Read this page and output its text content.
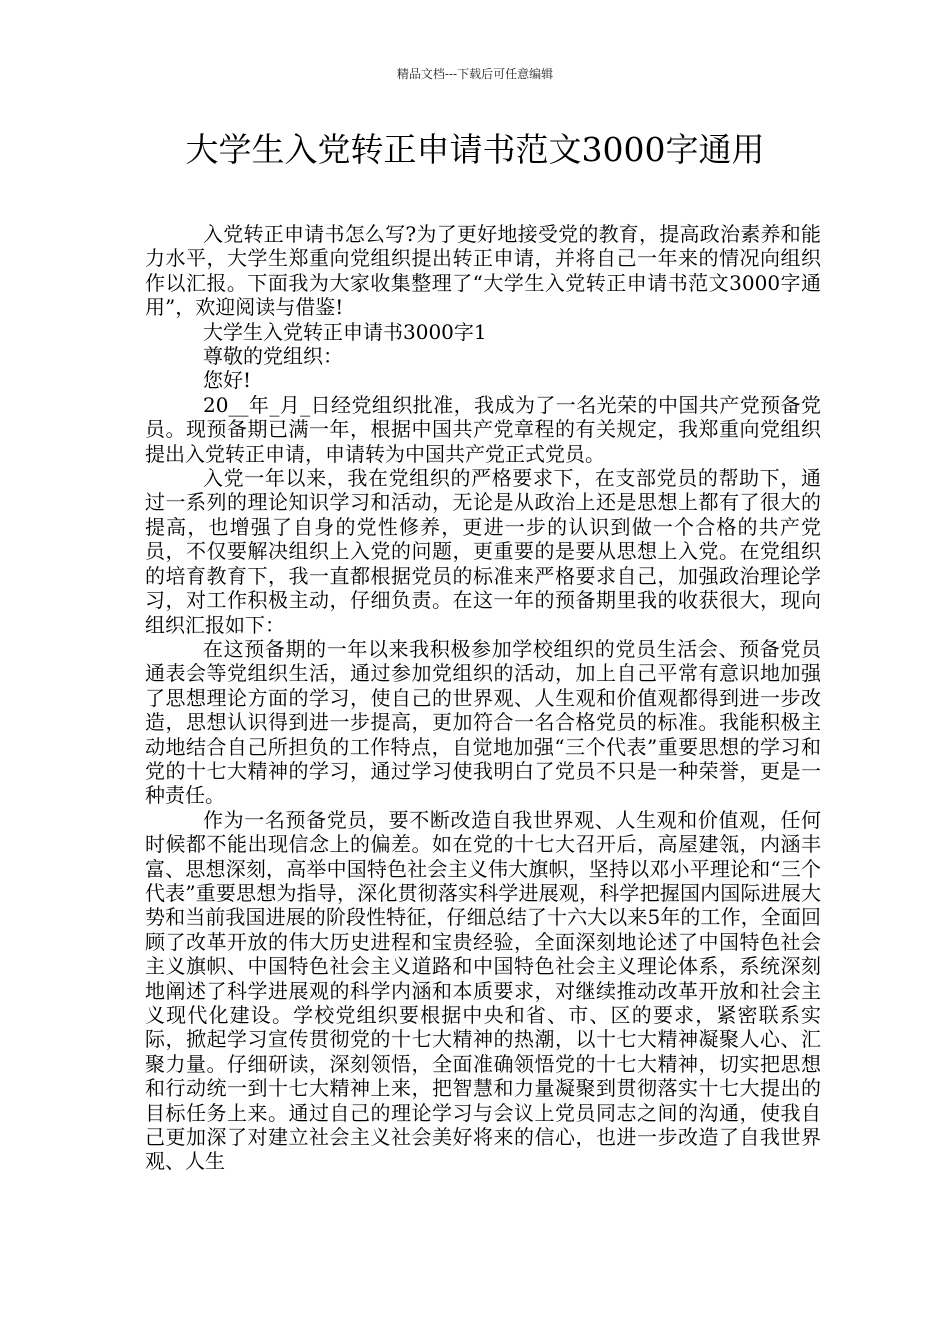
精品文档---下载后可任意编辑
大学生入党转正申请书范文3000字通用

入党转正申请书怎么写?为了更好地接受党的教育，提高政治素养和能力水平，大学生郑重向党组织提出转正申请，并将自己一年来的情况向组织作以汇报。下面我为大家收集整理了“大学生入党转正申请书范文3000字通用”，欢迎阅读与借鉴!

大学生入党转正申请书3000字1

尊敬的党组织：

您好!

20__年_月_日经党组织批准，我成为了一名光荣的中国共产党预备党员。现预备期已满一年，根据中国共产党章程的有关规定，我郑重向党组织提出入党转正申请，申请转为中国共产党正式党员。

入党一年以来，我在党组织的严格要求下，在支部党员的帮助下，通过一系列的理论知识学习和活动，无论是从政治上还是思想上都有了很大的提高，也增强了自身的党性修养，更进一步的认识到做一个合格的共产党员，不仅要解决组织上入党的问题，更重要的是要从思想上入党。在党组织的培育教育下，我一直都根据党员的标准来严格要求自己，加强政治理论学习，对工作积极主动，仔细负责。在这一年的预备期里我的收获很大，现向组织汇报如下：

在这预备期的一年以来我积极参加学校组织的党员生活会、预备党员通表会等党组织生活，通过参加党组织的活动，加上自己平常有意识地加强了思想理论方面的学习，使自己的世界观、人生观和价值观都得到进一步改造，思想认识得到进一步提高，更加符合一名合格党员的标准。我能积极主动地结合自己所担负的工作特点，自觉地加强“三个代表”重要思想的学习和党的十七大精神的学习，通过学习使我明白了党员不只是一种荣誉，更是一种责任。

作为一名预备党员，要不断改造自我世界观、人生观和价值观，任何时候都不能出现信念上的偏差。如在党的十七大召开后，高屋建瓴，内涵丰富、思想深刻，高举中国特色社会主义伟大旗帜，坚持以邓小平理论和“三个代表”重要思想为指导，深化贯彻落实科学进展观，科学把握国内国际进展大势和当前我国进展的阶段性特征，仔细总结了十六大以来5年的工作，全面回顾了改革开放的伟大历史进程和宝贵经验，全面深刻地论述了中国特色社会主义旗帜、中国特色社会主义道路和中国特色社会主义理论体系，系统深刻地阐述了科学进展观的科学内涵和本质要求，对继续推动改革开放和社会主义现代化建设。学校党组织要根据中央和省、市、区的要求，紧密联系实际，掀起学习宣传贯彻党的十七大精神的热潮，以十七大精神凝聚人心、汇聚力量。仔细研读，深刻领悟，全面准确领悟党的十七大精神，切实把思想和行动统一到十七大精神上来，把智慧和力量凝聚到贯彻落实十七大提出的目标任务上来。通过自己的理论学习与会议上党员同志之间的沟通，使我自己更加深了对建立社会主义社会美好将来的信心，也进一步改造了自我世界观、人生
